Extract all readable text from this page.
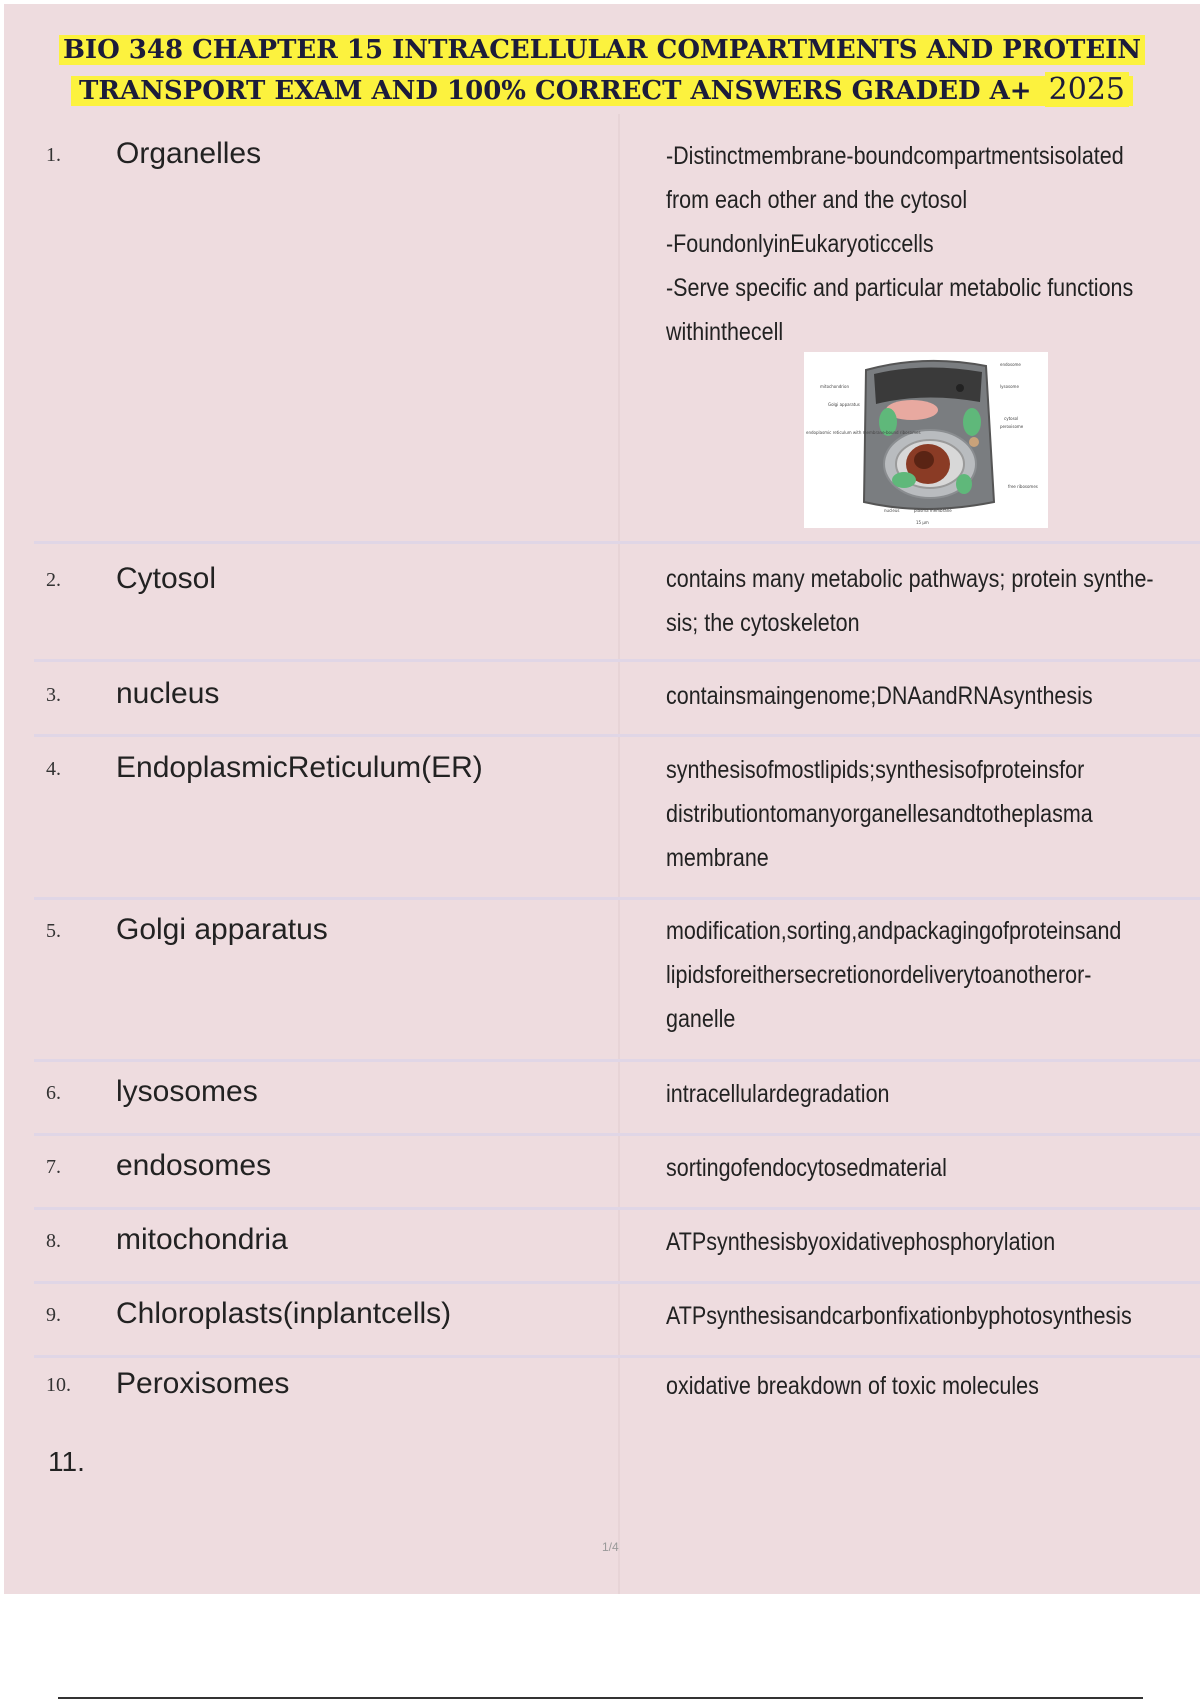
BIO 348 CHAPTER 15 INTRACELLULAR COMPARTMENTS AND PROTEIN
TRANSPORT EXAM AND 100% CORRECT ANSWERS GRADED A+ 2025
1.	Organelles	-Distinctmembrane-boundcompartmentsisolated

from each other and the cytosol

-FoundonlyinEukaryoticcells

-Serve specific and particular metabolic functions

withinthecell

mitochondrion
Golgi apparatus
endoplasmic reticulum with membrane-bound ribosomes
endosome
lysosome
cytosol
peroxisome
free ribosomes
nucleus	plasma membrane
15 µm
2.	Cytosol	contains many metabolic pathways; protein synthe-

sis; the cytoskeleton

3.	nucleus	containsmaingenome;DNAandRNAsynthesis

4.	EndoplasmicReticulum(ER)	synthesisofmostlipids;synthesisofproteinsfor

distributiontomanyorganellesandtotheplasma

membrane

5.	Golgi apparatus	modification,sorting,andpackagingofproteinsand

lipidsforeithersecretionordeliverytoanotheror-

ganelle

6.	lysosomes	intracellulardegradation

7.	endosomes	sortingofendocytosedmaterial

8.	mitochondria	ATPsynthesisbyoxidativephosphorylation

9.	Chloroplasts(inplantcells)	ATPsynthesisandcarbonfixationbyphotosynthesis

10.	Peroxisomes	oxidative breakdown of toxic molecules

11.
1/4
